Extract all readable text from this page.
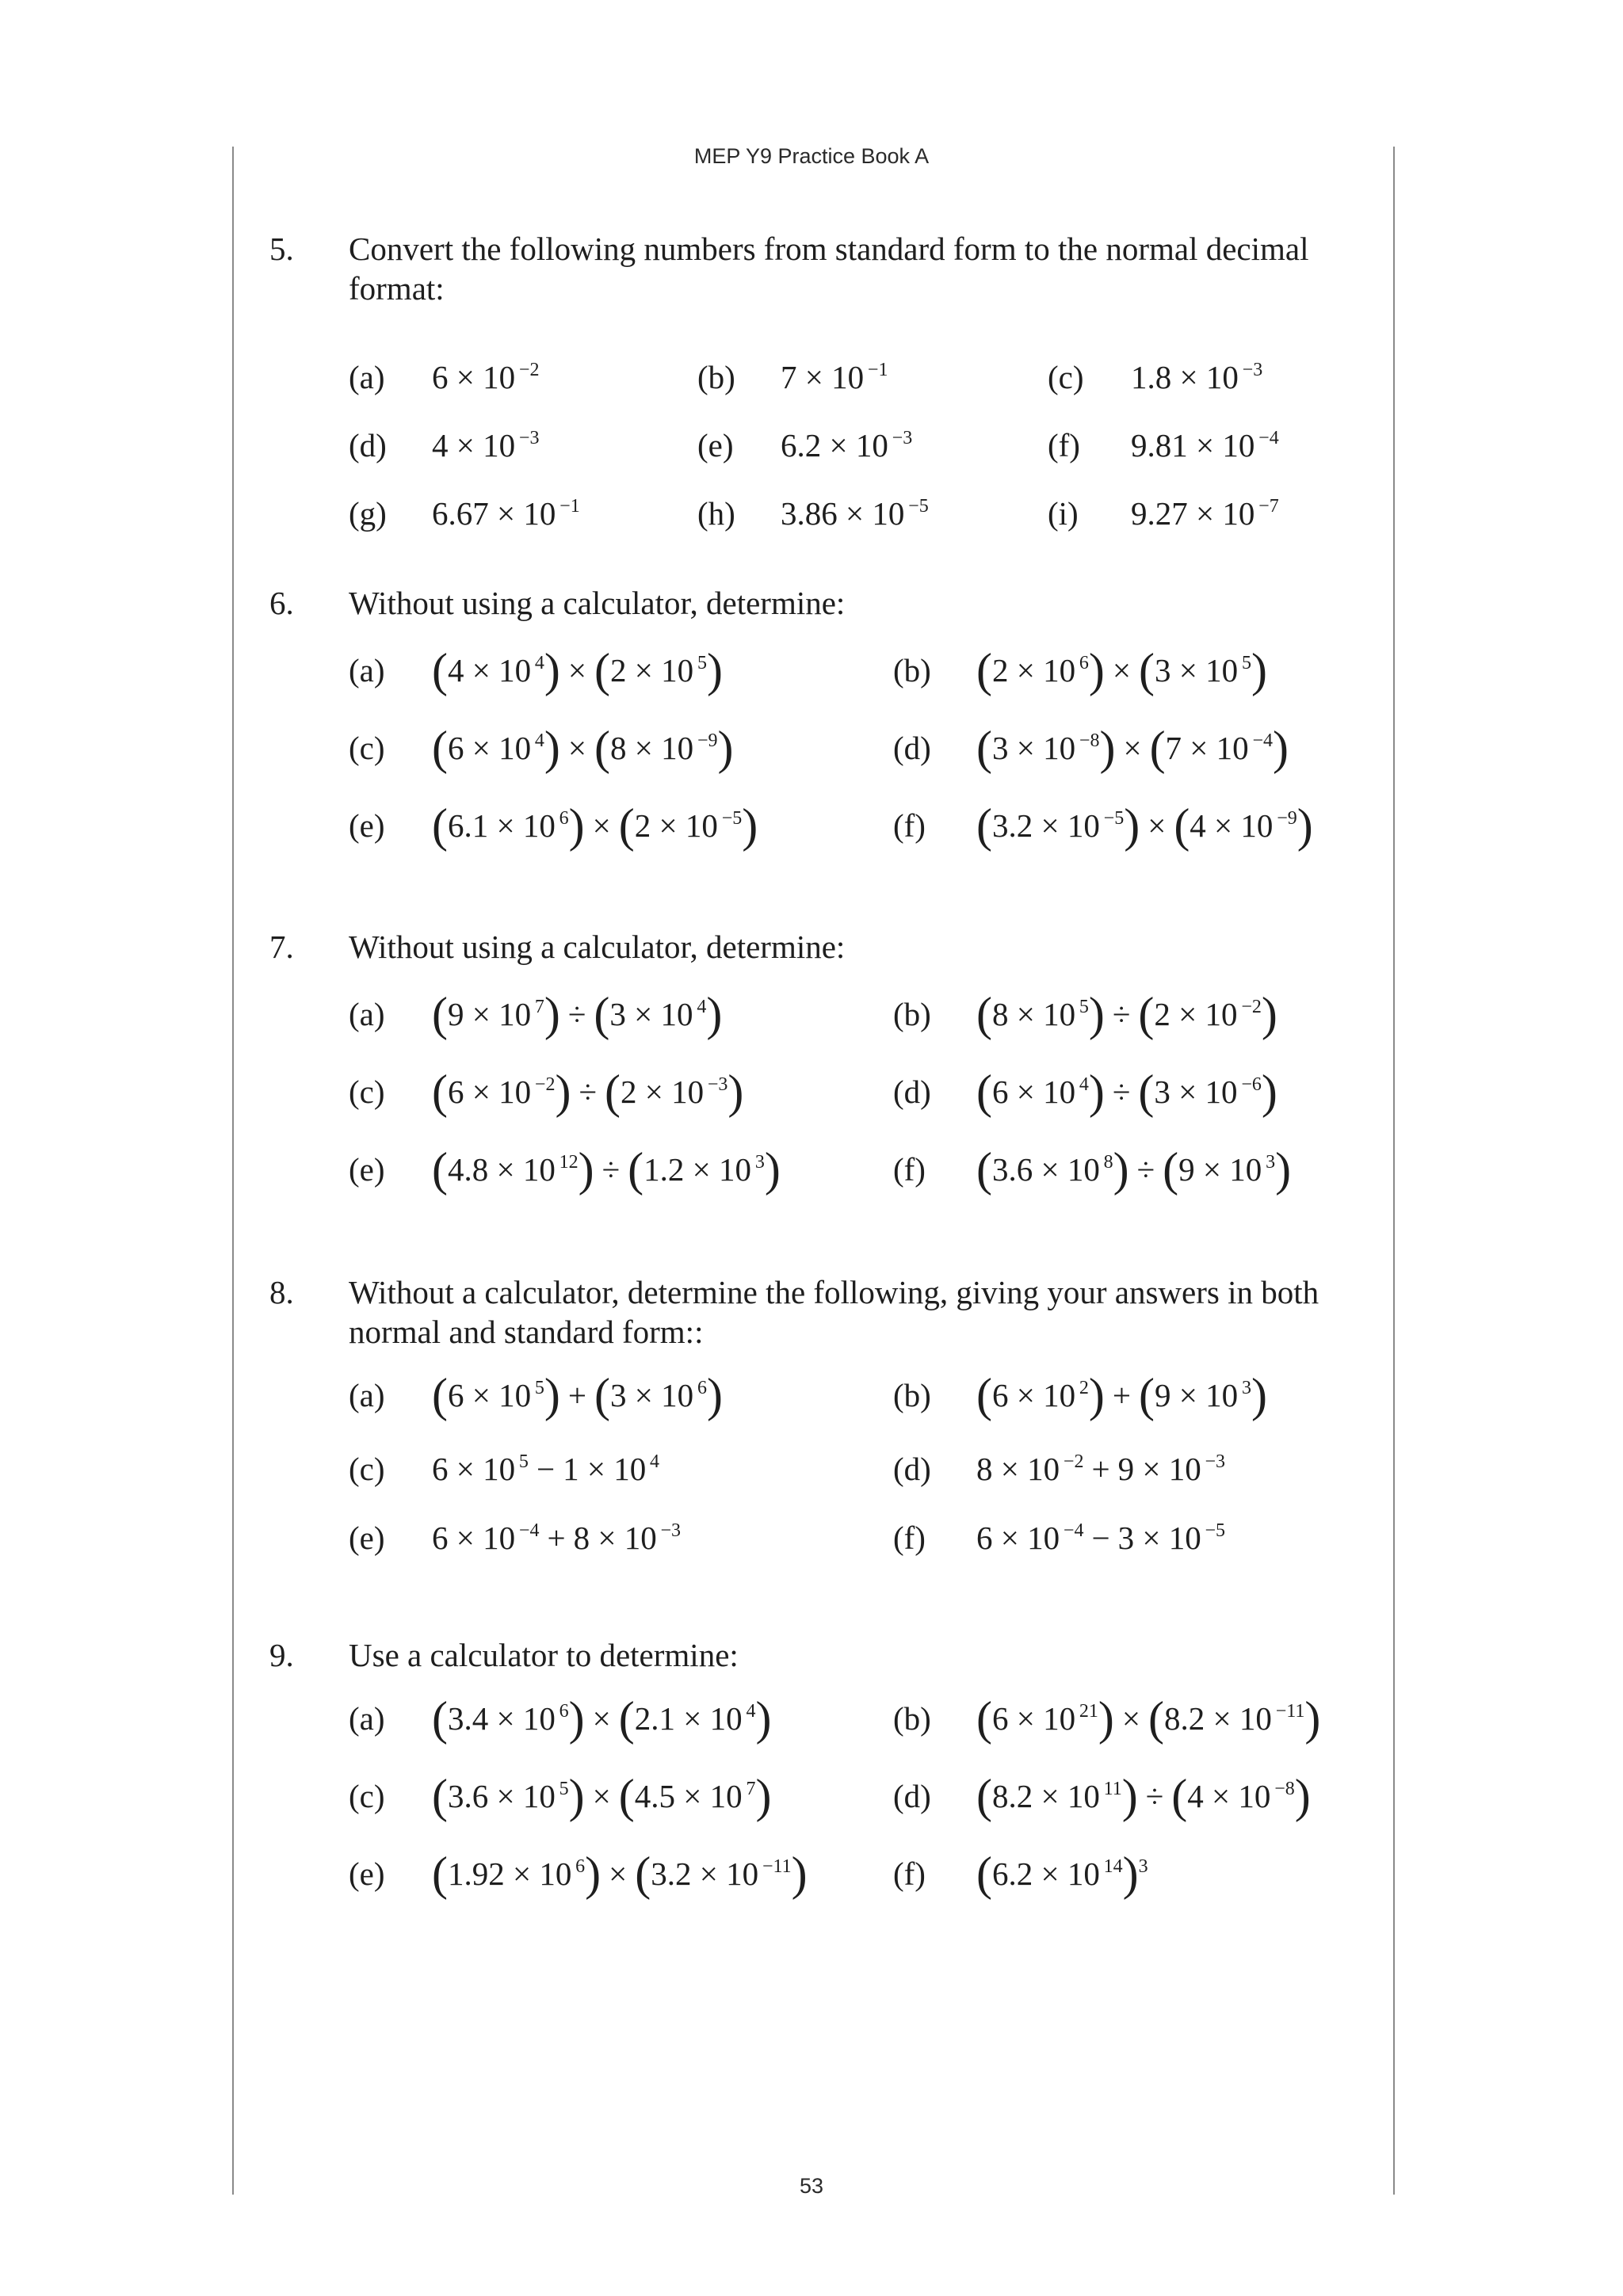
MEP Y9 Practice Book A
5. Convert the following numbers from standard form to the normal decimal format:
(a) 6 × 10 $^{-2}$	(b) 7 × 10 $^{-1}$	(c) 1.8 × 10 $^{-3}$
(d) 4 × 10 $^{-3}$	(e) 6.2 × 10 $^{-3}$	(f) 9.81 × 10 $^{-4}$
(g) 6.67 × 10 $^{-1}$	(h) 3.86 × 10 $^{-5}$	(i) 9.27 × 10 $^{-7}$
6. Without using a calculator, determine:
(a) (4 × 10 $^4$) × (2 × 10 $^5$)	(b) (2 × 10 $^6$) × (3 × 10 $^5$)
(c) (6 × 10 $^4$) × (8 × 10 $^{-9}$)	(d) (3 × 10 $^{-8}$) × (7 × 10 $^{-4}$)
(e) (6.1 × 10 $^6$) × (2 × 10 $^{-5}$)	(f) (3.2 × 10 $^{-5}$) × (4 × 10 $^{-9}$)
7. Without using a calculator, determine:
(a) (9 × 10 $^7$) ÷ (3 × 10 $^4$)	(b) (8 × 10 $^5$) ÷ (2 × 10 $^{-2}$)
(c) (6 × 10 $^{-2}$) ÷ (2 × 10 $^{-3}$)	(d) (6 × 10 $^4$) ÷ (3 × 10 $^{-6}$)
(e) (4.8 × 10 $^{12}$) ÷ (1.2 × 10 $^3$)	(f) (3.6 × 10 $^8$) ÷ (9 × 10 $^3$)
8. Without a calculator, determine the following, giving your answers in both normal and standard form::
(a) (6 × 10 $^5$) + (3 × 10 $^6$)	(b) (6 × 10 $^2$) + (9 × 10 $^3$)
(c) 6 × 10 $^5$ − 1 × 10 $^4$	(d) 8 × 10 $^{-2}$ + 9 × 10 $^{-3}$
(e) 6 × 10 $^{-4}$ + 8 × 10 $^{-3}$	(f) 6 × 10 $^{-4}$ − 3 × 10 $^{-5}$
9. Use a calculator to determine:
(a) (3.4 × 10 $^6$) × (2.1 × 10 $^4$)	(b) (6 × 10 $^{21}$) × (8.2 × 10 $^{-11}$)
(c) (3.6 × 10 $^5$) × (4.5 × 10 $^7$)	(d) (8.2 × 10 $^{11}$) ÷ (4 × 10 $^{-8}$)
(e) (1.92 × 10 $^6$) × (3.2 × 10 $^{-11}$)	(f) (6.2 × 10 $^{14}$)$^3$
53
